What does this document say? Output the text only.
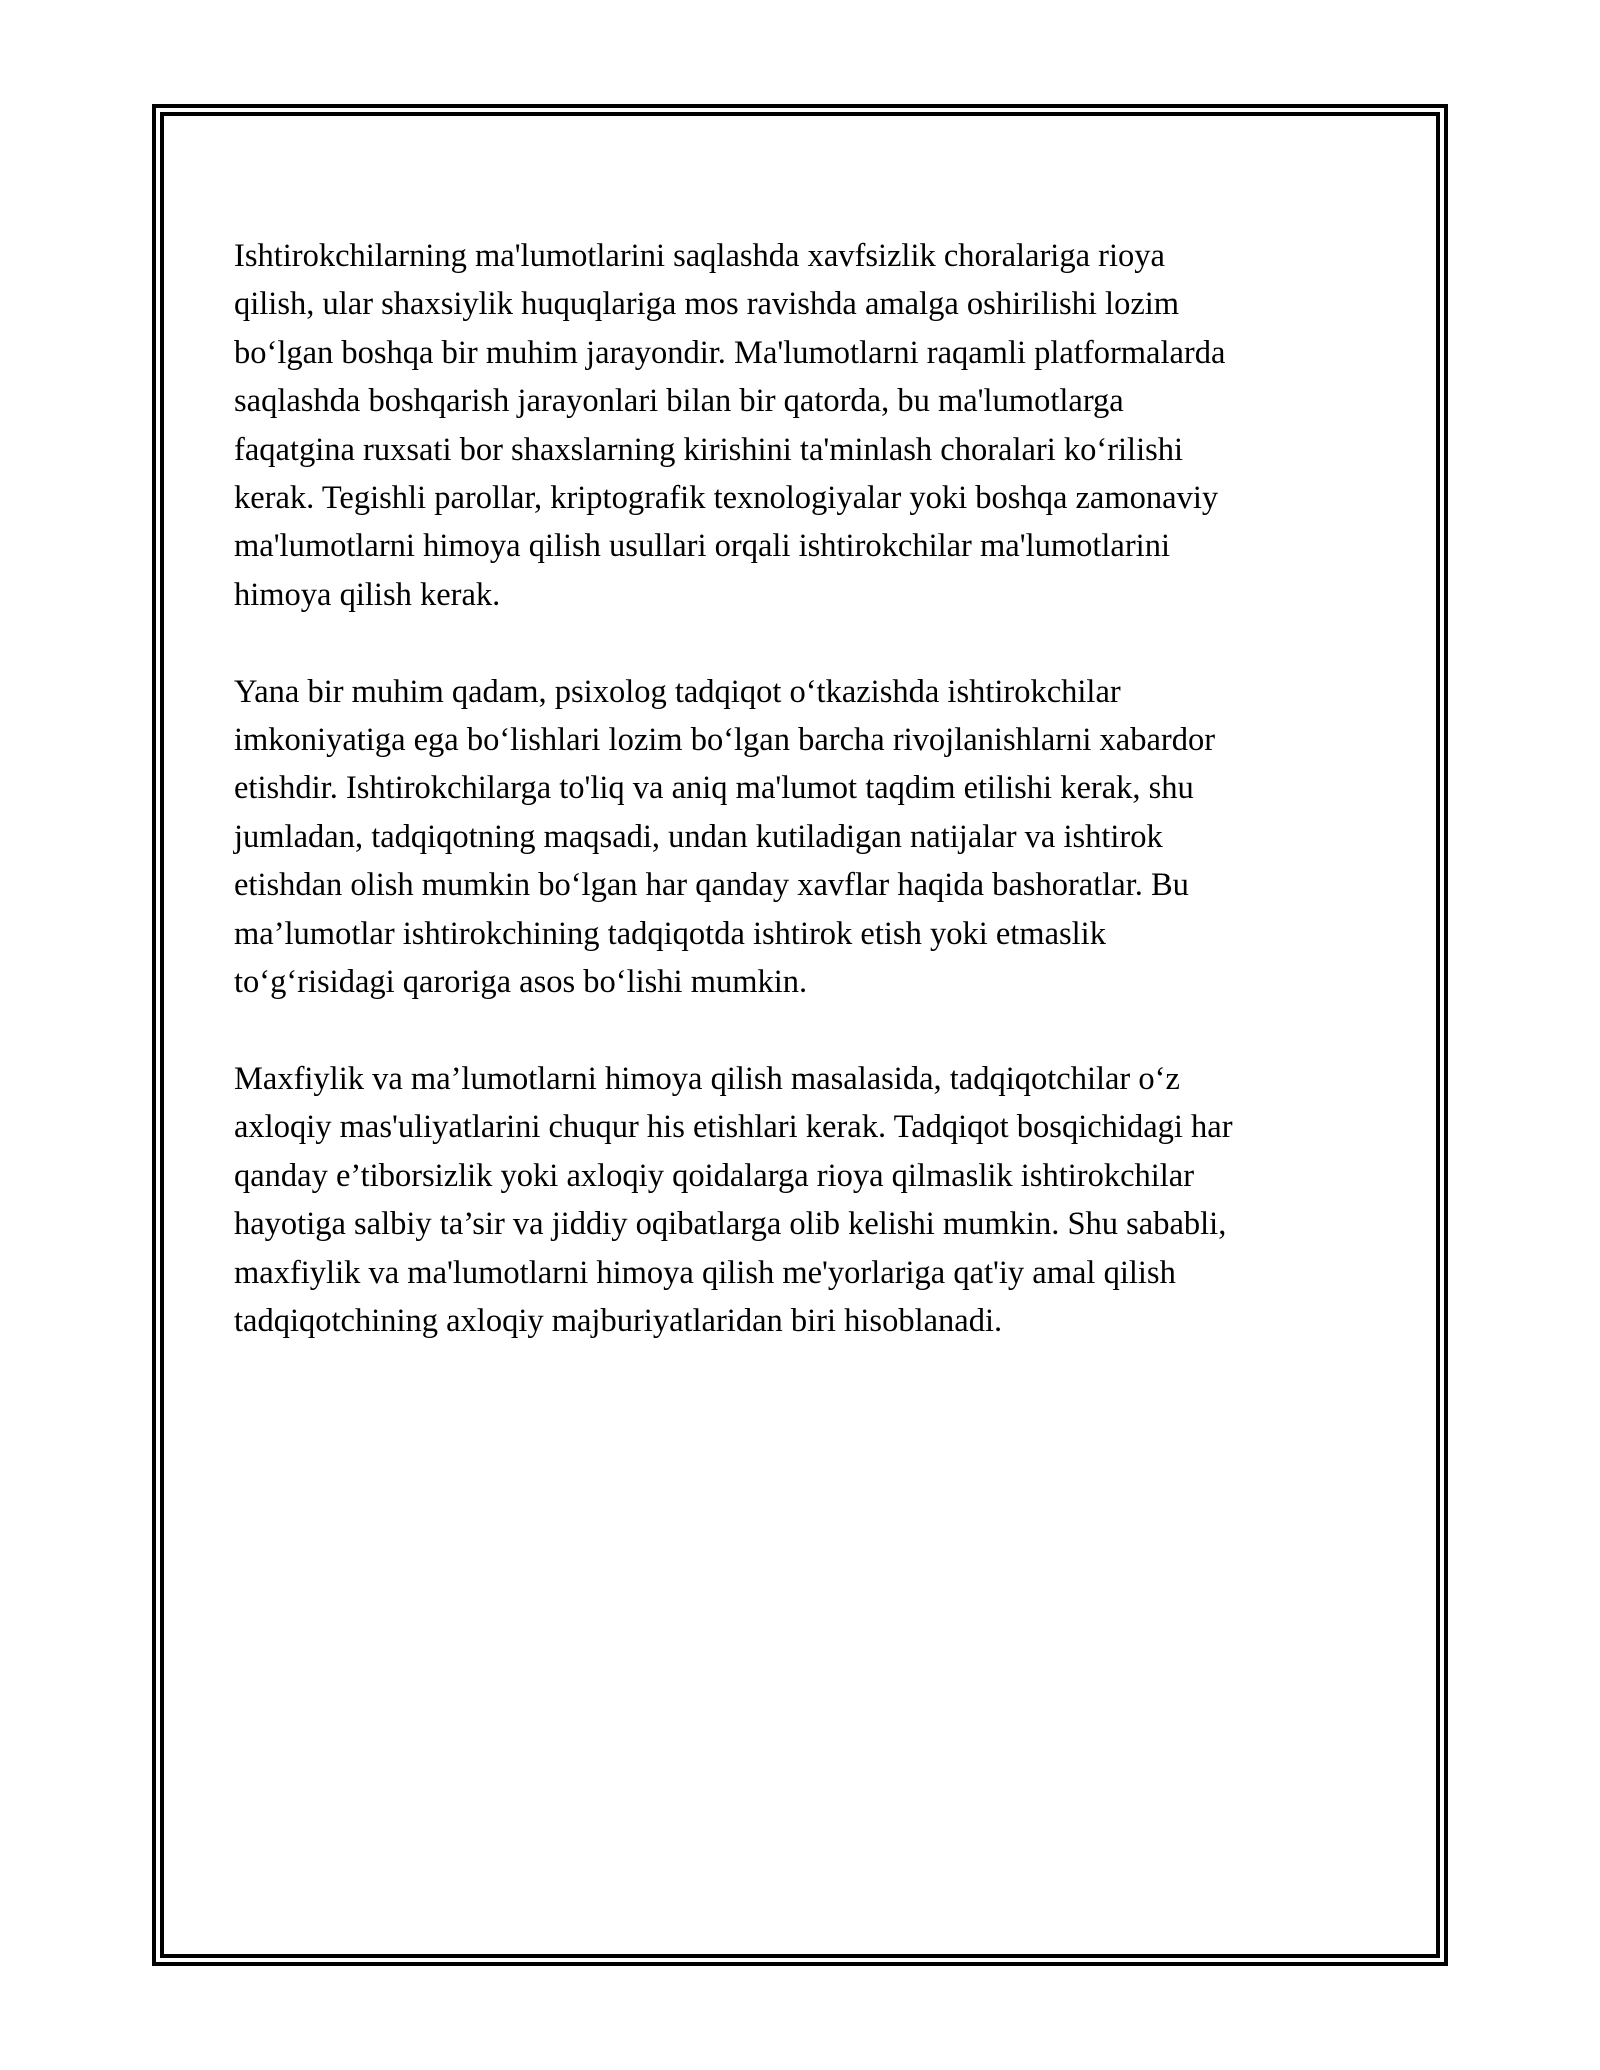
Ishtirokchilarning ma'lumotlarini saqlashda xavfsizlik choralariga rioya
qilish, ular shaxsiylik huquqlariga mos ravishda amalga oshirilishi lozim
bo‘lgan boshqa bir muhim jarayondir. Ma'lumotlarni raqamli platformalarda
saqlashda boshqarish jarayonlari bilan bir qatorda, bu ma'lumotlarga
faqatgina ruxsati bor shaxslarning kirishini ta'minlash choralari ko‘rilishi
kerak. Tegishli parollar, kriptografik texnologiyalar yoki boshqa zamonaviy
ma'lumotlarni himoya qilish usullari orqali ishtirokchilar ma'lumotlarini
himoya qilish kerak.

Yana bir muhim qadam, psixolog tadqiqot o‘tkazishda ishtirokchilar
imkoniyatiga ega bo‘lishlari lozim bo‘lgan barcha rivojlanishlarni xabardor
etishdir. Ishtirokchilarga to'liq va aniq ma'lumot taqdim etilishi kerak, shu
jumladan, tadqiqotning maqsadi, undan kutiladigan natijalar va ishtirok
etishdan olish mumkin bo‘lgan har qanday xavflar haqida bashoratlar. Bu
ma’lumotlar ishtirokchining tadqiqotda ishtirok etish yoki etmaslik
to‘g‘risidagi qaroriga asos bo‘lishi mumkin.

Maxfiylik va ma’lumotlarni himoya qilish masalasida, tadqiqotchilar o‘z
axloqiy mas'uliyatlarini chuqur his etishlari kerak. Tadqiqot bosqichidagi har
qanday e’tiborsizlik yoki axloqiy qoidalarga rioya qilmaslik ishtirokchilar
hayotiga salbiy ta’sir va jiddiy oqibatlarga olib kelishi mumkin. Shu sababli,
maxfiylik va ma'lumotlarni himoya qilish me'yorlariga qat'iy amal qilish
tadqiqotchining axloqiy majburiyatlaridan biri hisoblanadi.
